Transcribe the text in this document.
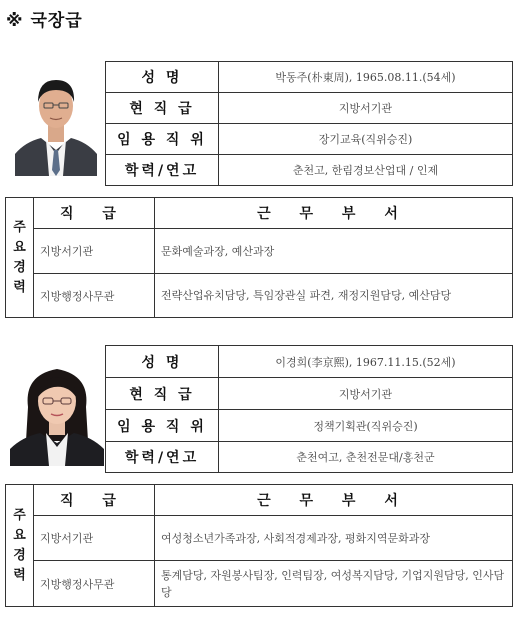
※ 국장급
성 명	박동주(朴東周), 1965.08.11.(54세)
현 직 급	지방서기관
임 용 직 위	장기교육(직위승진)
학력/연고	춘천고, 한림경보산업대 / 인제
주
요
경
력	직 급	근 무 부 서
	지방서기관	문화예술과장, 예산과장
	지방행정사무관	전략산업유치담당, 특임장관실 파견, 재정지원담당, 예산담당
성 명	이경희(李京熙), 1967.11.15.(52세)
현 직 급	지방서기관
임 용 직 위	정책기획관(직위승진)
학력/연고	춘천여고, 춘천전문대/홍천군
주
요
경
력	직 급	근 무 부 서
	지방서기관	여성청소년가족과장, 사회적경제과장, 평화지역문화과장
	지방행정사무관	통계담당, 자원봉사팀장, 인력팀장, 여성복지담당, 기업지원담당, 인사담당
